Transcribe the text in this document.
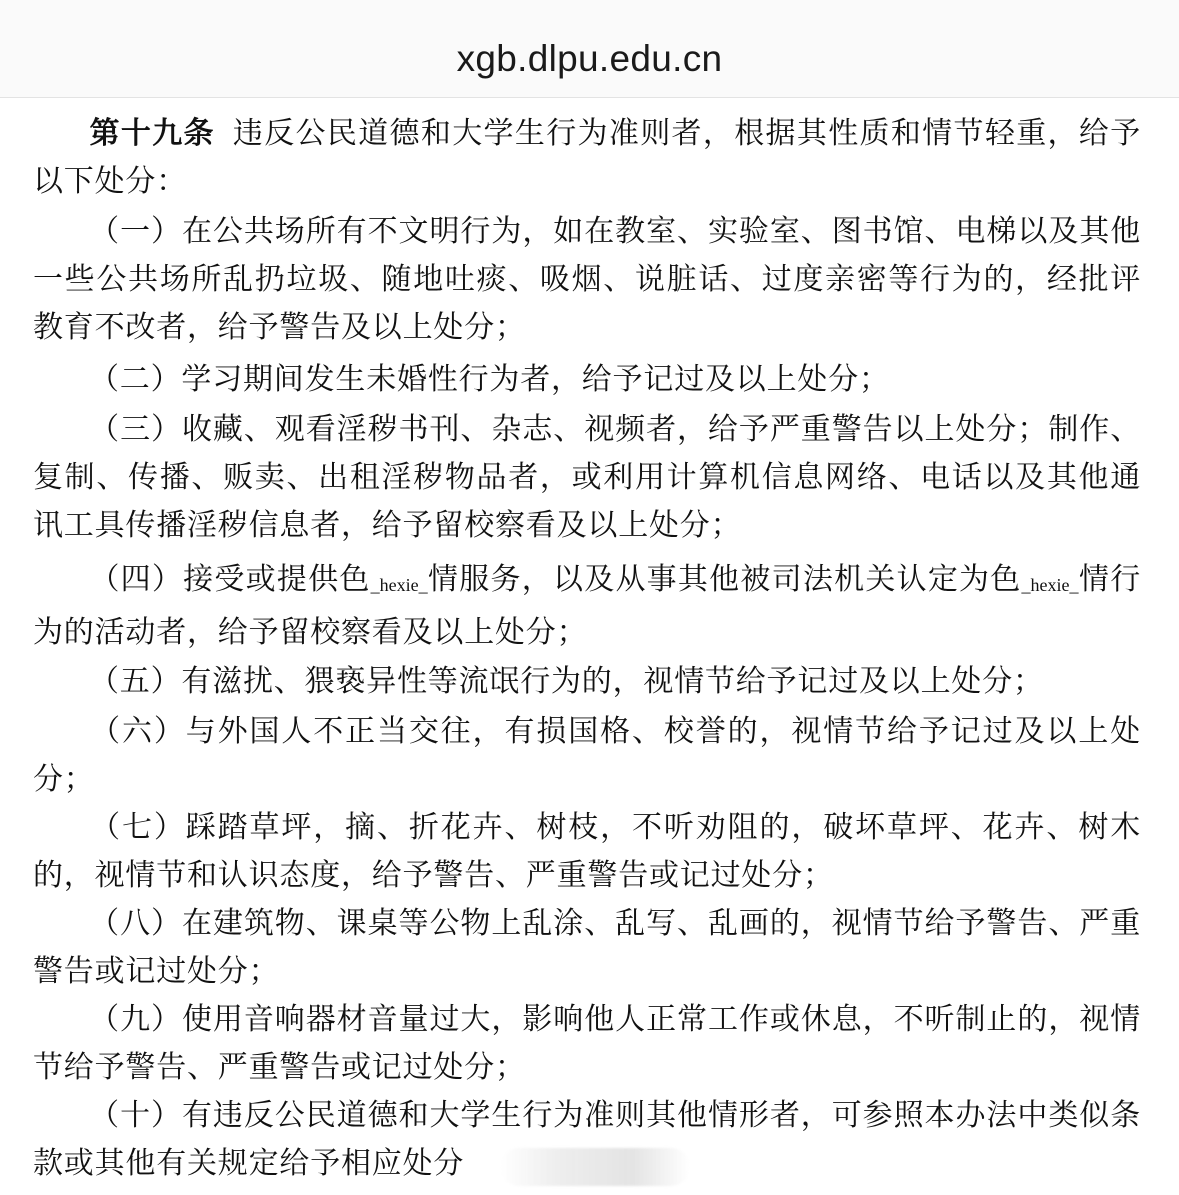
xgb.dlpu.edu.cn

第十九条 违反公民道德和大学生行为准则者，根据其性质和情节轻重，给予以下处分：

（一）在公共场所有不文明行为，如在教室、实验室、图书馆、电梯以及其他一些公共场所乱扔垃圾、随地吐痰、吸烟、说脏话、过度亲密等行为的，经批评教育不改者，给予警告及以上处分；

（二）学习期间发生未婚性行为者，给予记过及以上处分；

（三）收藏、观看淫秽书刊、杂志、视频者，给予严重警告以上处分；制作、复制、传播、贩卖、出租淫秽物品者，或利用计算机信息网络、电话以及其他通讯工具传播淫秽信息者，给予留校察看及以上处分；

（四）接受或提供色_hexie_情服务，以及从事其他被司法机关认定为色_hexie_情行为的活动者，给予留校察看及以上处分；

（五）有滋扰、猥亵异性等流氓行为的，视情节给予记过及以上处分；

（六）与外国人不正当交往，有损国格、校誉的，视情节给予记过及以上处分；

（七）踩踏草坪，摘、折花卉、树枝，不听劝阻的，破坏草坪、花卉、树木的，视情节和认识态度，给予警告、严重警告或记过处分；

（八）在建筑物、课桌等公物上乱涂、乱写、乱画的，视情节给予警告、严重警告或记过处分；

（九）使用音响器材音量过大，影响他人正常工作或休息，不听制止的，视情节给予警告、严重警告或记过处分；

（十）有违反公民道德和大学生行为准则其他情形者，可参照本办法中类似条款或其他有关规定给予相应处分
